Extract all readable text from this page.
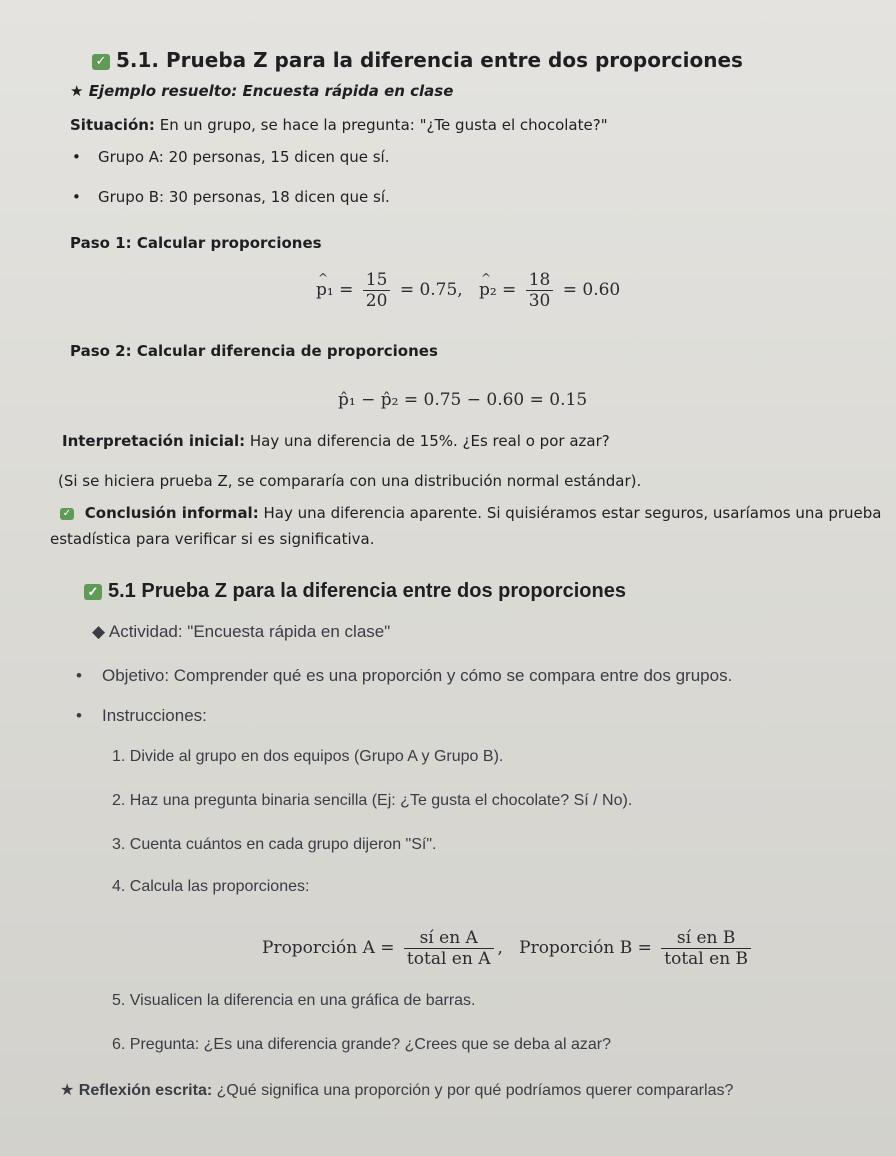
✓ 5.1. Prueba Z para la diferencia entre dos proporciones
★ Ejemplo resuelto: Encuesta rápida en clase
Situación: En un grupo, se hace la pregunta: "¿Te gusta el chocolate?"
• Grupo A: 20 personas, 15 dicen que sí.
• Grupo B: 30 personas, 18 dicen que sí.
Paso 1: Calcular proporciones
^ $p_1 = \frac{15}{20} = 0.75$,   ^ $p_2 = \frac{18}{30} = 0.60$
Paso 2: Calcular diferencia de proporciones
p̂₁ − p̂₂ = 0.75 − 0.60 = 0.15
Interpretación inicial: Hay una diferencia de 15%. ¿Es real o por azar?
(Si se hiciera prueba Z, se compararía con una distribución normal estándar).
✓ Conclusión informal: Hay una diferencia aparente. Si quisiéramos estar seguros, usaríamos una prueba
estadística para verificar si es significativa.
✓ 5.1 Prueba Z para la diferencia entre dos proporciones
◆ Actividad: "Encuesta rápida en clase"
• Objetivo: Comprender qué es una proporción y cómo se compara entre dos grupos.
• Instrucciones:
1. Divide al grupo en dos equipos (Grupo A y Grupo B).
2. Haz una pregunta binaria sencilla (Ej: ¿Te gusta el chocolate? Sí / No).
3. Cuenta cuántos en cada grupo dijeron "Sí".
4. Calcula las proporciones:
Proporción $A = \frac{\text{sí en A}}{\text{total en A}}$ ,   Proporción $B = \frac{\text{sí en B}}{\text{total en B}}$
5. Visualicen la diferencia en una gráfica de barras.
6. Pregunta: ¿Es una diferencia grande? ¿Crees que se deba al azar?
★ Reflexión escrita: ¿Qué significa una proporción y por qué podríamos querer compararlas?
